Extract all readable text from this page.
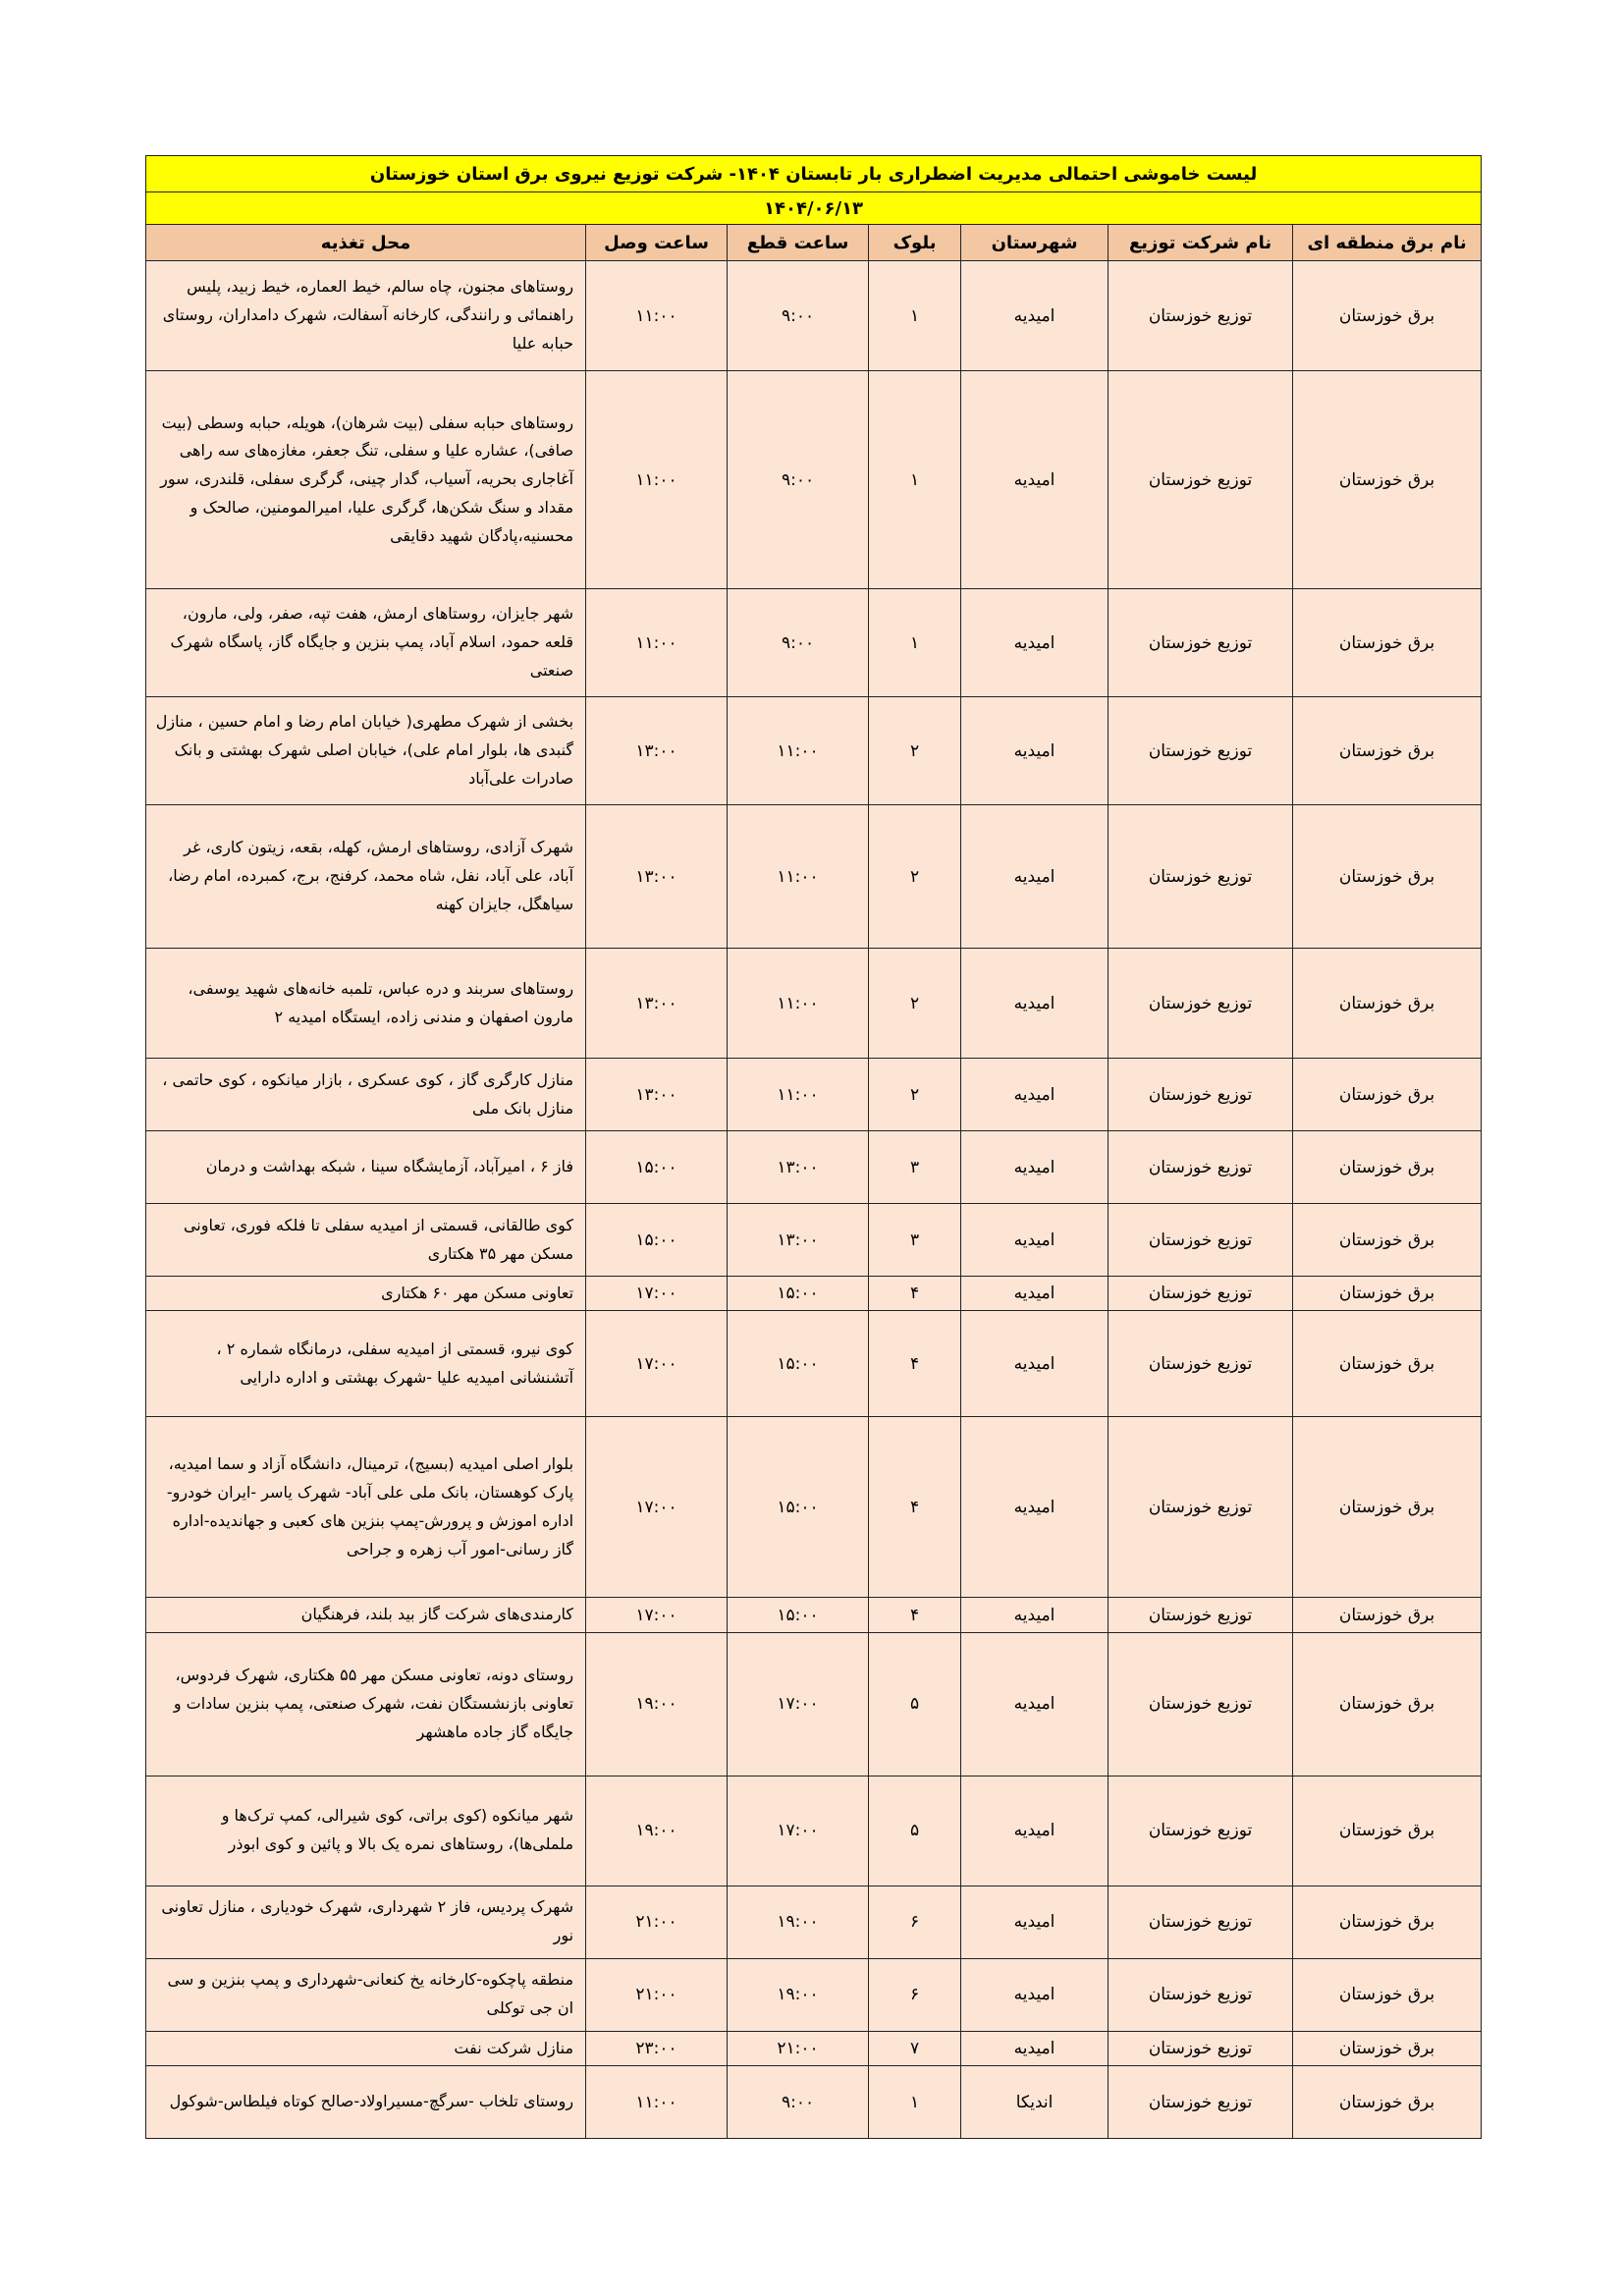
لیست خاموشی احتمالی مدیریت اضطراری بار تابستان ۱۴۰۴- شرکت توزیع نیروی برق استان خوزستان						
۱۴۰۴/۰۶/۱۳						
نام برق منطقه ای	نام شرکت توزیع	شهرستان	بلوک	ساعت قطع	ساعت وصل	محل تغذیه
برق خوزستان	توزیع خوزستان	امیدیه	۱	۹:۰۰	۱۱:۰۰	روستاهای مجنون، چاه سالم، خیط العماره، خیط زبید، پلیس راهنمائی و رانندگی، کارخانه آسفالت، شهرک دامداران، روستای حبابه علیا
برق خوزستان	توزیع خوزستان	امیدیه	۱	۹:۰۰	۱۱:۰۰	روستاهای حبابه سفلی (بیت شرهان)، هویله، حبابه وسطی (بیت صافی)، عشاره علیا و سفلی، تنگ جعفر، مغازه‌های سه راهی آغاجاری بحریه، آسیاب، گدار چینی، گرگری سفلی، قلندری، سور مقداد و سنگ شکن‌ها، گرگری علیا، امیرالمومنین، صالحک و محسنیه،پادگان شهید دقایقی
برق خوزستان	توزیع خوزستان	امیدیه	۱	۹:۰۰	۱۱:۰۰	شهر جایزان، روستاهای ارمش، هفت تپه، صفر، ولی، مارون، قلعه حمود، اسلام آباد، پمپ بنزین و جایگاه گاز، پاسگاه شهرک صنعتی
برق خوزستان	توزیع خوزستان	امیدیه	۲	۱۱:۰۰	۱۳:۰۰	بخشی از شهرک مطهری( خیابان امام رضا و امام حسین ، منازل گنبدی ها، بلوار امام علی)، خیابان اصلی شهرک بهشتی و بانک صادرات علی‌آباد
برق خوزستان	توزیع خوزستان	امیدیه	۲	۱۱:۰۰	۱۳:۰۰	شهرک آزادی، روستاهای ارمش، کهله، بقعه، زیتون کاری، غر آباد، علی آباد، نفل، شاه محمد، کرفنج، برج، کمبرده، امام رضا، سیاهگل، جایزان کهنه
برق خوزستان	توزیع خوزستان	امیدیه	۲	۱۱:۰۰	۱۳:۰۰	روستاهای سربند و دره عباس، تلمبه خانه‌های شهید یوسفی، مارون اصفهان و مندنی زاده، ایستگاه امیدیه ۲
برق خوزستان	توزیع خوزستان	امیدیه	۲	۱۱:۰۰	۱۳:۰۰	منازل کارگری گاز ، کوی عسکری ، بازار میانکوه ، کوی حاتمی ، منازل بانک ملی
برق خوزستان	توزیع خوزستان	امیدیه	۳	۱۳:۰۰	۱۵:۰۰	فاز ۶ ، امیرآباد، آزمایشگاه سینا ، شبکه بهداشت و درمان
برق خوزستان	توزیع خوزستان	امیدیه	۳	۱۳:۰۰	۱۵:۰۰	کوی طالقانی، قسمتی از امیدیه سفلی تا فلکه فوری، تعاونی مسکن مهر ۳۵ هکتاری
برق خوزستان	توزیع خوزستان	امیدیه	۴	۱۵:۰۰	۱۷:۰۰	تعاونی مسکن مهر ۶۰ هکتاری
برق خوزستان	توزیع خوزستان	امیدیه	۴	۱۵:۰۰	۱۷:۰۰	کوی نیرو، قسمتی از امیدیه سفلی، درمانگاه شماره ۲ ، آتشنشانی امیدیه علیا -شهرک بهشتی و اداره دارایی
برق خوزستان	توزیع خوزستان	امیدیه	۴	۱۵:۰۰	۱۷:۰۰	بلوار اصلی امیدیه (بسیج)، ترمینال، دانشگاه آزاد و سما امیدیه، پارک کوهستان، بانک ملی علی آباد- شهرک یاسر -ایران خودرو-اداره اموزش و پرورش-پمپ بنزین های کعبی و جهاندیده-اداره گاز رسانی-امور آب زهره و جراحی
برق خوزستان	توزیع خوزستان	امیدیه	۴	۱۵:۰۰	۱۷:۰۰	کارمندی‌های شرکت گاز بید بلند، فرهنگیان
برق خوزستان	توزیع خوزستان	امیدیه	۵	۱۷:۰۰	۱۹:۰۰	روستای دونه، تعاونی مسکن مهر ۵۵ هکتاری، شهرک فردوس، تعاونی بازنشستگان نفت، شهرک صنعتی، پمپ بنزین سادات و جایگاه گاز جاده ماهشهر
برق خوزستان	توزیع خوزستان	امیدیه	۵	۱۷:۰۰	۱۹:۰۰	شهر میانکوه (کوی براتی، کوی شیرالی، کمپ ترک‌ها و ململی‌ها)، روستاهای نمره یک بالا و پائین و کوی ابوذر
برق خوزستان	توزیع خوزستان	امیدیه	۶	۱۹:۰۰	۲۱:۰۰	شهرک پردیس، فاز ۲ شهرداری، شهرک خودیاری ، منازل تعاونی نور
برق خوزستان	توزیع خوزستان	امیدیه	۶	۱۹:۰۰	۲۱:۰۰	منطقه پاچکوه-کارخانه یخ کنعانی-شهرداری و پمپ بنزین و سی ان جی توکلی
برق خوزستان	توزیع خوزستان	امیدیه	۷	۲۱:۰۰	۲۳:۰۰	منازل شرکت نفت
برق خوزستان	توزیع خوزستان	اندیکا	۱	۹:۰۰	۱۱:۰۰	روستای تلخاب -سرگچ-مسیراولاد-صالح کوتاه فیلطاس-شوکول
